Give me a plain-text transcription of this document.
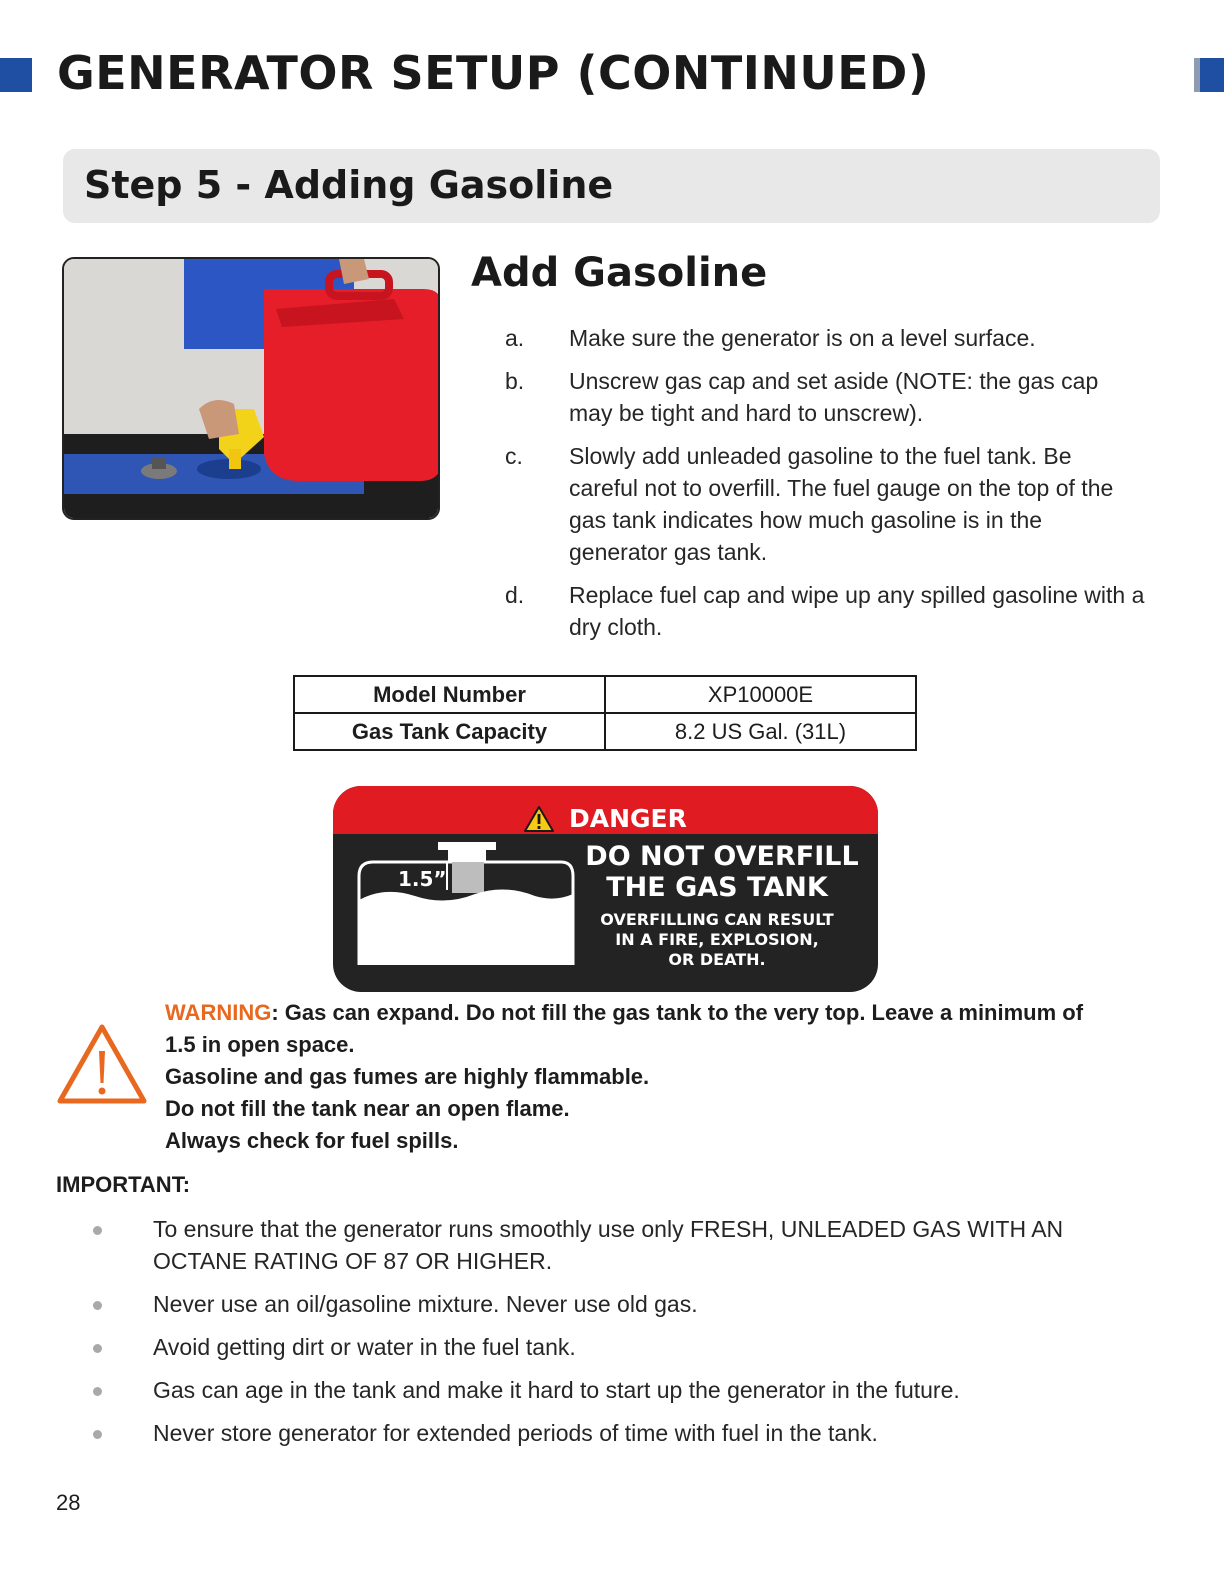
GENERATOR SETUP (CONTINUED)
Step 5 - Adding Gasoline
Add Gasoline
a.	Make sure the generator is on a level surface.
b.	Unscrew gas cap and set aside (NOTE: the gas cap may be tight and hard to unscrew).
c.	Slowly add unleaded gasoline to the fuel tank. Be careful not to overfill. The fuel gauge on the top of the gas tank indicates how much gasoline is in the generator gas tank.
d.	Replace fuel cap and wipe up any spilled gasoline with a dry cloth.
Model Number	XP10000E
Gas Tank Capacity	8.2 US Gal. (31L)
DANGER
1.5”
DO NOT OVERFILL
THE GAS TANK
OVERFILLING CAN RESULT
IN A FIRE, EXPLOSION,
OR DEATH.
WARNING: Gas can expand. Do not fill the gas tank to the very top. Leave a minimum of 1.5 in open space.
Gasoline and gas fumes are highly flammable.
Do not fill the tank near an open flame.
Always check for fuel spills.
IMPORTANT:
To ensure that the generator runs smoothly use only FRESH, UNLEADED GAS WITH AN OCTANE RATING OF 87 OR HIGHER.
Never use an oil/gasoline mixture. Never use old gas.
Avoid getting dirt or water in the fuel tank.
Gas can age in the tank and make it hard to start up the generator in the future.
Never store generator for extended periods of time with fuel in the tank.
28
